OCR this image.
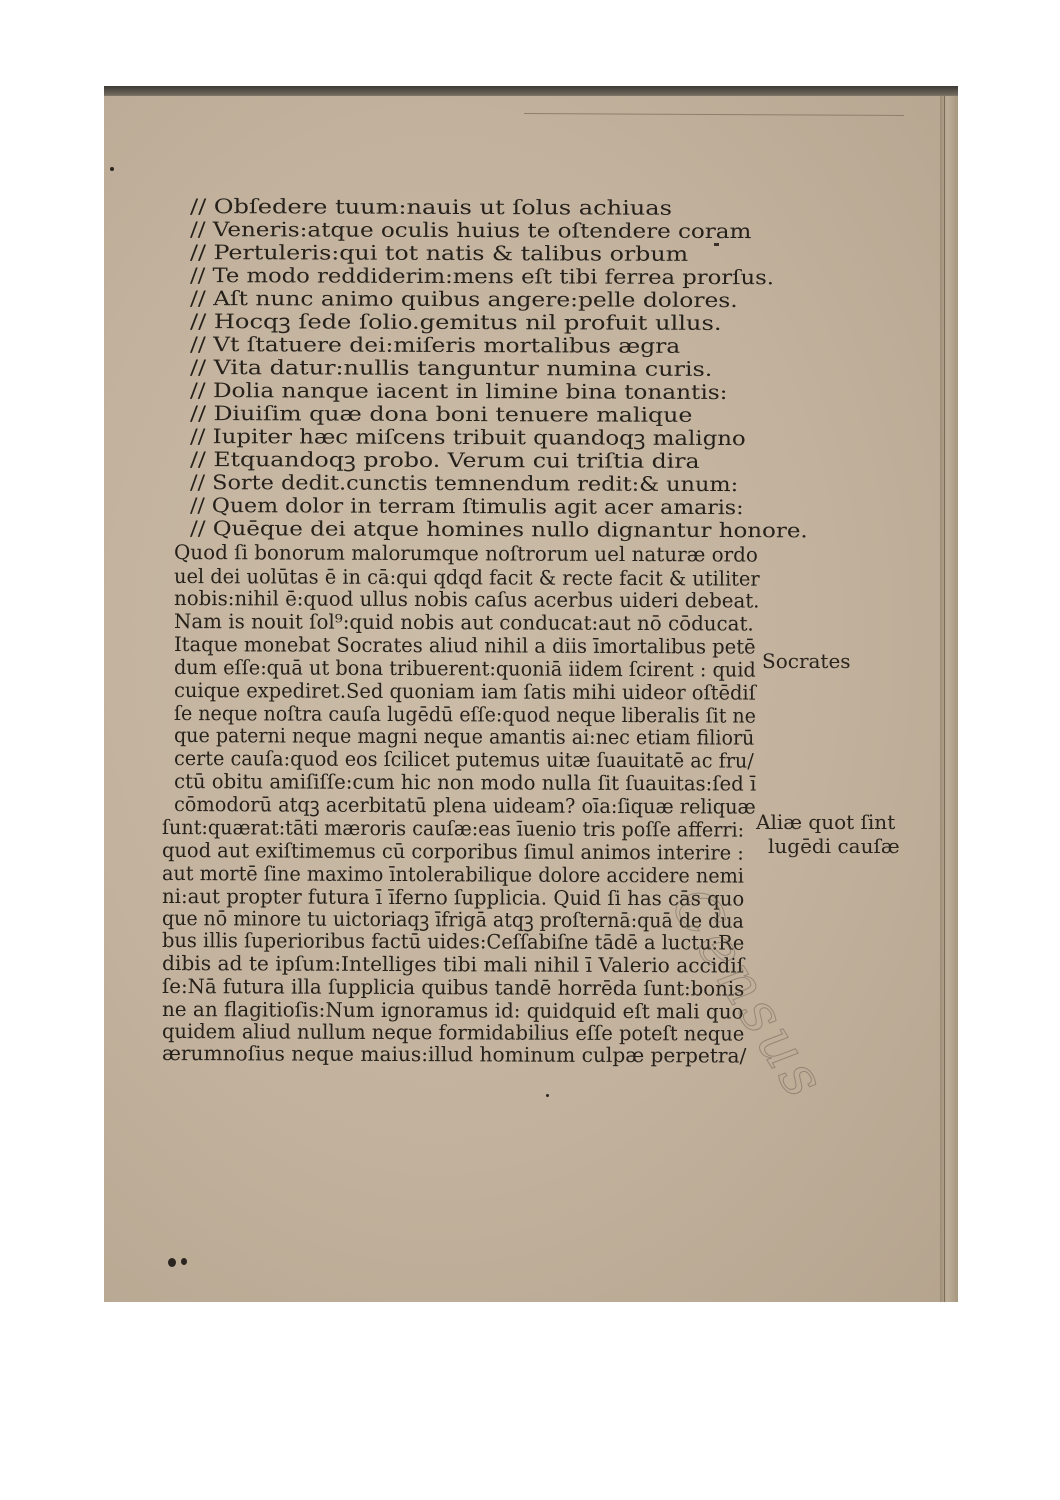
// Obſedere tuum:nauis ut ſolus achiuas

// Veneris:atque oculis huius te oſtendere coram

// Pertuleris:qui tot natis & talibus orbum

// Te modo reddiderim:mens eſt tibi ferrea prorſus.

// Aſt nunc animo quibus angere:pelle dolores.

// Hocqꝫ ſede ſolio.gemitus nil profuit ullus.

// Vt ſtatuere dei:miſeris mortalibus ægra

// Vita datur:nullis tanguntur numina curis.

// Dolia nanque iacent in limine bina tonantis:

// Diuiſim quæ dona boni tenuere malique

// Iupiter hæc miſcens tribuit quandoqꝫ maligno

// Etquandoqꝫ probo. Verum cui triſtia dira

// Sorte dedit.cunctis temnendum redit:& unum:

// Quem dolor in terram ſtimulis agit acer amaris:

// Quēque dei atque homines nullo dignantur honore.

Quod ſi bonorum malorumque noſtrorum uel naturæ ordo

uel dei uolūtas ē in cā:qui qdqd facit & recte facit & utiliter

nobis:nihil ē:quod ullus nobis caſus acerbus uideri debeat.

Nam is nouit ſol⁹:quid nobis aut conducat:aut nō cōducat.

Itaque monebat Socrates aliud nihil a diis īmortalibus petē

dum eſſe:quā ut bona tribuerent:quoniā iidem ſcirent : quid

cuique expediret.Sed quoniam iam ſatis mihi uideor oſtēdiſ

ſe neque noſtra cauſa lugēdū eſſe:quod neque liberalis ſit ne

que paterni neque magni neque amantis ai:nec etiam filiorū

certe cauſa:quod eos ſcilicet putemus uitæ ſuauitatē ac fru/

ctū obitu amiſiſſe:cum hic non modo nulla ſit ſuauitas:ſed ī

cōmodorū atqꝫ acerbitatū plena uideam? oīa:ſiquæ reliquæ

ſunt:quærat:tāti mæroris cauſæ:eas īuenio tris poſſe afferri:

quod aut exiſtimemus cū corporibus ſimul animos interire :

aut mortē ſine maximo īntolerabilique dolore accidere nemi

ni:aut propter futura ī īferno ſupplicia. Quid ſi has cās quo

que nō minore tu uictoriaqꝫ īfrigā atqꝫ proſternā:quā de dua

bus illis ſuperioribus factū uides:Ceſſabiſne tādē a luctu:Re

dibis ad te ipſum:Intelliges tibi mali nihil ī Valerio accidiſ

ſe:Nā futura illa ſupplicia quibus tandē horrēda ſunt:bonis

ne an flagitioſis:Num ignoramus id: quidquid eſt mali quo

quidem aliud nullum neque formidabilius eſſe poteſt neque

ærumnoſius neque maius:illud hominum culpæ perpetra/

Socrates
Aliæ quot ſint
lugēdi cauſæ
